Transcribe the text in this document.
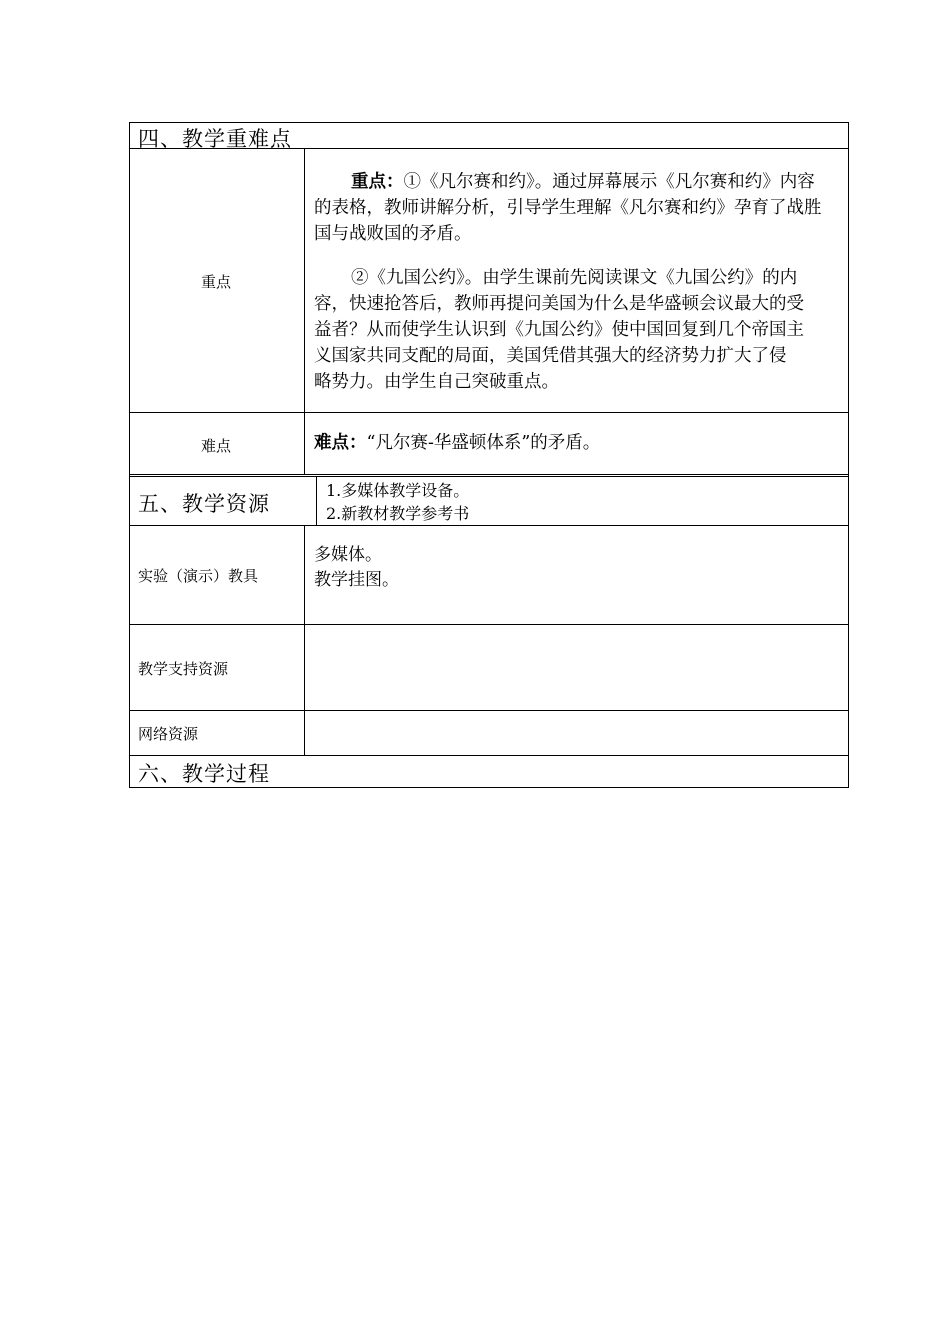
四、教学重难点
重点
重点：①《凡尔赛和约》。通过屏幕展示《凡尔赛和约》内容
的表格，教师讲解分析，引导学生理解《凡尔赛和约》孕育了战胜
国与战败国的矛盾。
②《九国公约》。由学生课前先阅读课文《九国公约》的内
容，快速抢答后，教师再提问美国为什么是华盛顿会议最大的受
益者？从而使学生认识到《九国公约》使中国回复到几个帝国主
义国家共同支配的局面，美国凭借其强大的经济势力扩大了侵
略势力。由学生自己突破重点。
难点	难点：“凡尔赛-华盛顿体系”的矛盾。
五、教学资源
1.多媒体教学设备。
2.新教材教学参考书
实验（演示）教具
多媒体。
教学挂图。
教学支持资源
网络资源
六、教学过程
